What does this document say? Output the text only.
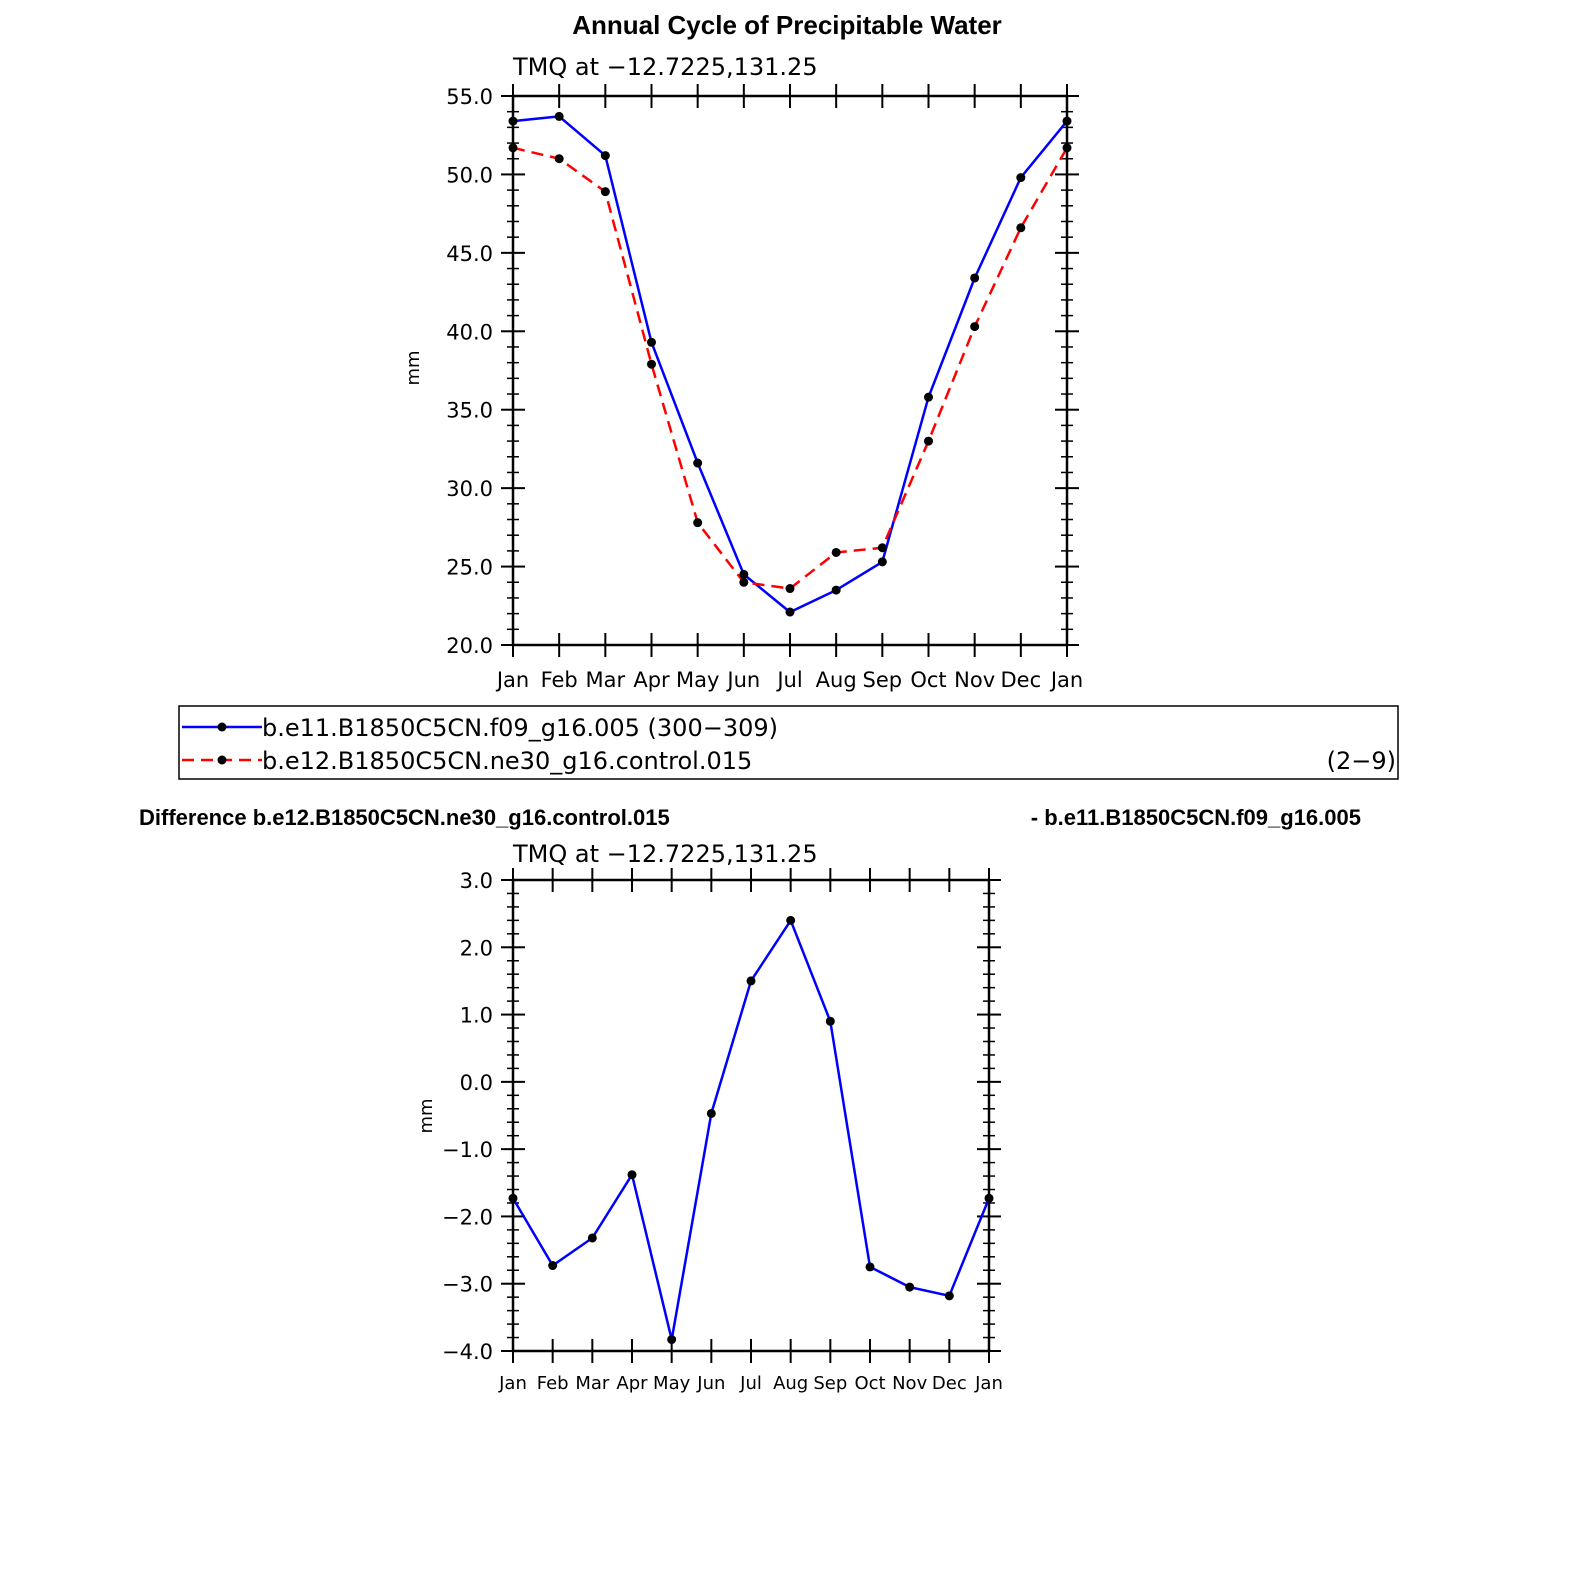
Annual Cycle of Precipitable Water
TMQ at −12.7225,131.25
mm
20.0
25.0
30.0
35.0
40.0
45.0
50.0
55.0
Jan Feb Mar Apr May Jun Jul Aug Sep Oct Nov Dec Jan
b.e11.B1850C5CN.f09_g16.005 (300−309)
b.e12.B1850C5CN.ne30_g16.control.015	(2−9)
Difference b.e12.B1850C5CN.ne30_g16.control.015	- b.e11.B1850C5CN.f09_g16.005
TMQ at −12.7225,131.25
mm
−4.0
−3.0
−2.0
−1.0
0.0
1.0
2.0
3.0
Jan Feb Mar Apr May Jun Jul Aug Sep Oct Nov Dec Jan
